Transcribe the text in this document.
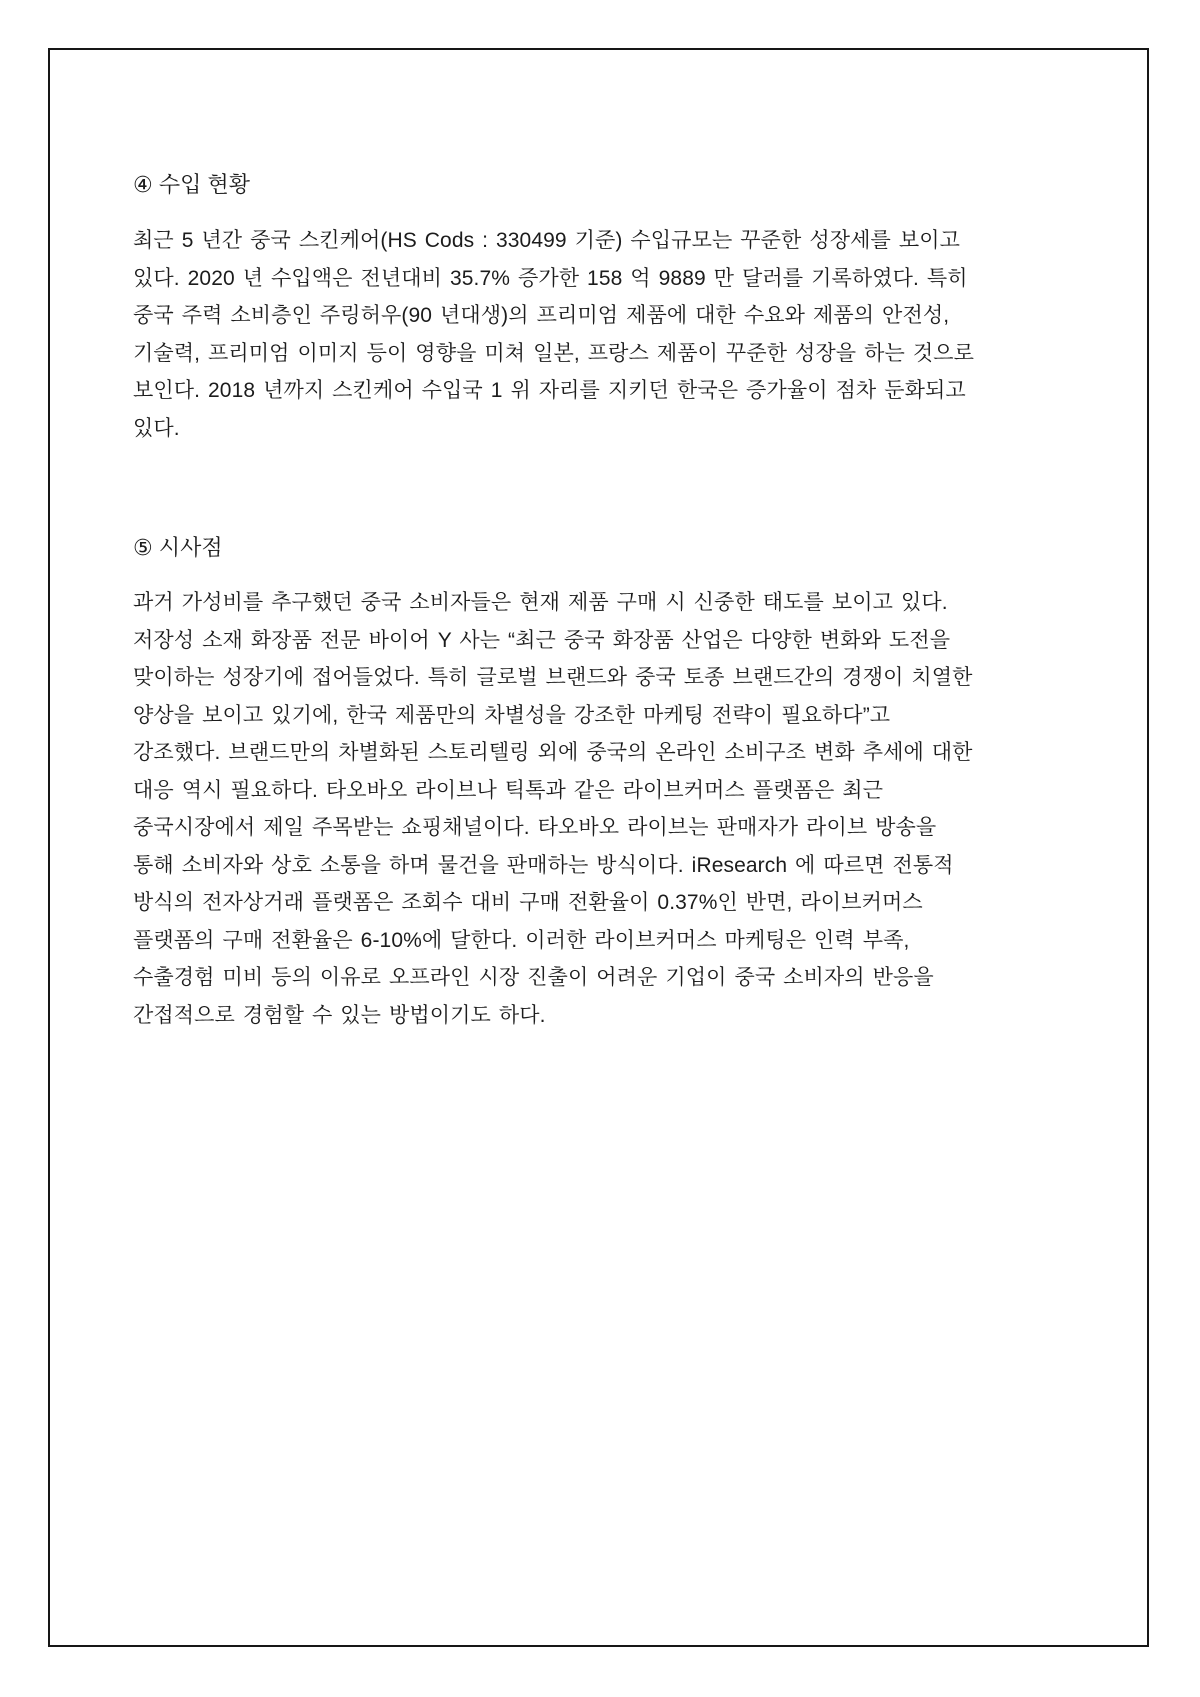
④ 수입 현황
최근 5 년간 중국 스킨케어(HS Cods : 330499 기준) 수입규모는 꾸준한 성장세를 보이고
있다. 2020 년 수입액은 전년대비 35.7% 증가한 158 억 9889 만 달러를 기록하였다. 특히
중국 주력 소비층인 주링허우(90 년대생)의 프리미엄 제품에 대한 수요와 제품의 안전성,
기술력, 프리미엄 이미지 등이 영향을 미쳐 일본, 프랑스 제품이 꾸준한 성장을 하는 것으로
보인다. 2018 년까지 스킨케어 수입국 1 위 자리를 지키던 한국은 증가율이 점차 둔화되고
있다.
⑤ 시사점
과거 가성비를 추구했던 중국 소비자들은 현재 제품 구매 시 신중한 태도를 보이고 있다.
저장성 소재 화장품 전문 바이어 Y 사는 “최근 중국 화장품 산업은 다양한 변화와 도전을
맞이하는 성장기에 접어들었다. 특히 글로벌 브랜드와 중국 토종 브랜드간의 경쟁이 치열한
양상을 보이고 있기에, 한국 제품만의 차별성을 강조한 마케팅 전략이 필요하다”고
강조했다. 브랜드만의 차별화된 스토리텔링 외에 중국의 온라인 소비구조 변화 추세에 대한
대응 역시 필요하다. 타오바오 라이브나 틱톡과 같은 라이브커머스 플랫폼은 최근
중국시장에서 제일 주목받는 쇼핑채널이다. 타오바오 라이브는 판매자가 라이브 방송을
통해 소비자와 상호 소통을 하며 물건을 판매하는 방식이다. iResearch 에 따르면 전통적
방식의 전자상거래 플랫폼은 조회수 대비 구매 전환율이 0.37%인 반면, 라이브커머스
플랫폼의 구매 전환율은 6-10%에 달한다. 이러한 라이브커머스 마케팅은 인력 부족,
수출경험 미비 등의 이유로 오프라인 시장 진출이 어려운 기업이 중국 소비자의 반응을
간접적으로 경험할 수 있는 방법이기도 하다.
